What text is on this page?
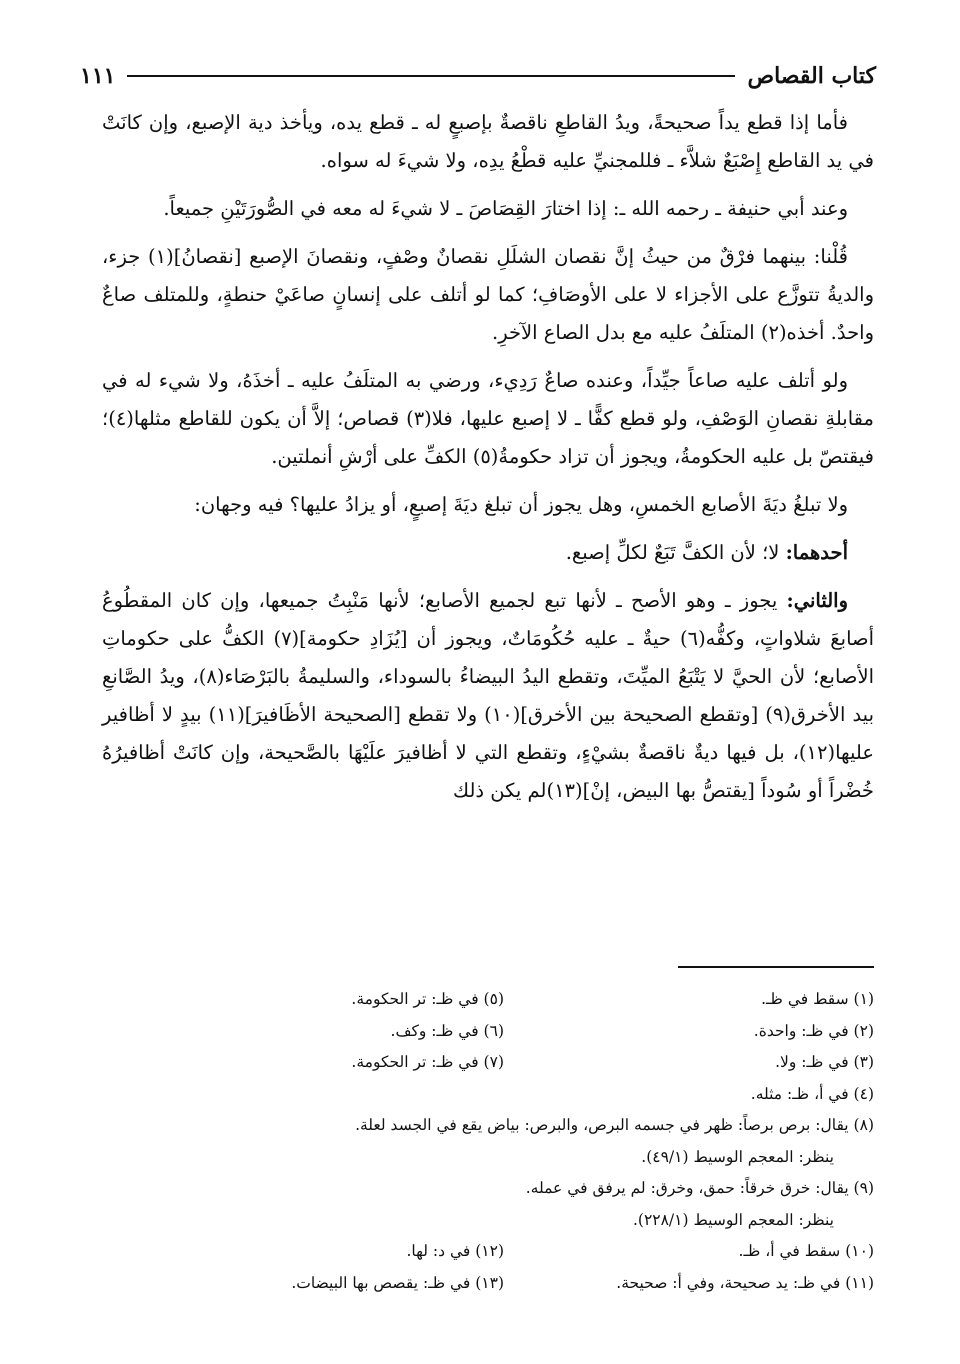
كتاب القصاص
١١١

فأما إذا قطع يداً صحيحةً، ويدُ القاطعِ ناقصةٌ بإصبعٍ له ـ قطع يده، ويأخذ دية الإصبع، وإن كانَتْ في يد القاطع إِصْبَعٌ شلاَّء ـ فللمجنيِّ عليه قطْعُ يدِه، ولا شيءَ له سواه.

وعند أبي حنيفة ـ رحمه الله ـ: إذا اختارَ القِصَاصَ ـ لا شيءَ له معه في الصُّورَتَيْنِ جميعاً.

قُلْنا: بينهما فرْقٌ من حيثُ إنَّ نقصان الشلَلِ نقصانٌ وصْفٍ، ونقصانَ الإصبع [نقصانُ](١) جزء، والديةُ تتوزَّع على الأجزاء لا على الأوصَافِ؛ كما لو أتلف على إنسانٍ صاعَيْ حنطةٍ، وللمتلف صاعٌ واحدٌ. أخذه(٢) المتلَفُ عليه مع بدل الصاع الآخرِ.

ولو أتلف عليه صاعاً جيِّداً، وعنده صاعٌ رَدِيء، ورضي به المتلَفُ عليه ـ أخذَهُ، ولا شيء له في مقابلةِ نقصانِ الوَصْفِ، ولو قطع كفًّا ـ لا إصبع عليها، فلا(٣) قصاص؛ إلاَّ أن يكون للقاطع مثلها(٤)؛ فيقتصّ بل عليه الحكومةُ، ويجوز أن تزاد حكومةُ(٥) الكفِّ على أرْشِ أنملتين.

ولا تبلغُ ديَةَ الأصابع الخمسِ، وهل يجوز أن تبلغ ديَةَ إصبعٍ، أو يزادُ عليها؟ فيه وجهان:

أحدهما: لا؛ لأن الكفَّ تَبَعٌ لكلِّ إصبع.

والثاني: يجوز ـ وهو الأصح ـ لأنها تبع لجميع الأصابع؛ لأنها مَنْبِتُ جميعها، وإن كان المقطُوعُ أصابعَ شلاواتٍ، وكفُّه(٦) حيةٌ ـ عليه حُكُومَاتٌ، ويجوز أن [يُزَادِ حكومة](٧) الكفُّ على حكوماتِ الأصابع؛ لأن الحيَّ لا يَتْبَعُ الميِّتَ، وتقطع اليدُ البيضاءُ بالسوداء، والسليمةُ بالبَرْصَاء(٨)، ويدُ الصَّانعِ بيد الأخرق(٩) [وتقطع الصحيحة بين الأخرق](١٠) ولا تقطع [الصحيحة الأظَافيرَ](١١) بيدٍ لا أظافير عليها(١٢)، بل فيها ديةٌ ناقصةٌ بشيْءٍ، وتقطع التي لا أظافيرَ علَيْهَا بالصَّحيحة، وإن كانَتْ أظافيرُهُ خُضْراً أو سُوداً [يقتصُّ بها البيض، إنْ](١٣)لم يكن ذلك

(١) سقط في ظـ.
(٥) في ظـ: تر الحكومة.
(٢) في ظـ: واحدة.
(٦) في ظـ: وكف.
(٣) في ظـ: ولا.
(٧) في ظـ: تر الحكومة.
(٤) في أ، ظـ: مثله.
(٨) يقال: برص برصاً: ظهر في جسمه البرص، والبرص: بياض يقع في الجسد لعلة.
ينظر: المعجم الوسيط (٤٩/١).
(٩) يقال: خرق خرقاً: حمق، وخرق: لم يرفق في عمله.
ينظر: المعجم الوسيط (٢٢٨/١).
(١٠) سقط في أ، ظـ.
(١٢) في د: لها.
(١١) في ظـ: يد صحيحة، وفي أ: صحيحة.
(١٣) في ظـ: يقصص بها البيضات.
